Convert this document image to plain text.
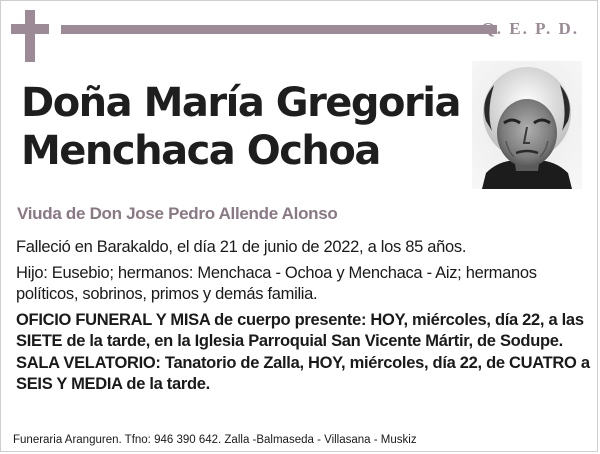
Q. E. P. D.
Doña María Gregoria
Menchaca Ochoa
Viuda de Don Jose Pedro Allende Alonso

Falleció en Barakaldo, el día 21 de junio de 2022, a los 85 años.

Hijo: Eusebio; hermanos: Menchaca - Ochoa y Menchaca - Aiz; hermanos políticos, sobrinos, primos y demás familia.

OFICIO FUNERAL Y MISA de cuerpo presente: HOY, miércoles, día 22, a las SIETE de la tarde, en la Iglesia Parroquial San Vicente Mártir, de Sodupe.

SALA VELATORIO: Tanatorio de Zalla, HOY, miércoles, día 22, de CUATRO a SEIS Y MEDIA de la tarde.

Funeraria Aranguren. Tfno: 946 390 642. Zalla -Balmaseda - Villasana - Muskiz
